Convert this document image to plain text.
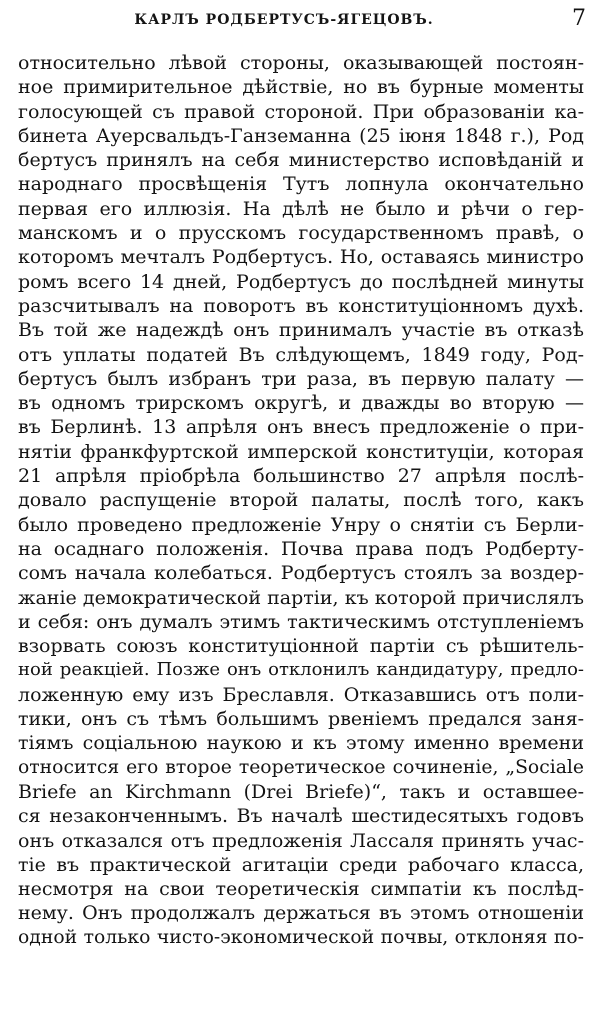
КАРЛЪ РОДБЕРТУСЪ-ЯГЕЦОВЪ.	7
относительно лѣвой стороны, оказывающей постоян-
ное примирительное дѣйствіе, но въ бурные моменты
голосующей съ правой стороной. При образованіи ка-
бинета Ауерсвальдъ-Ганземанна (25 іюня 1848 г.), Род
бертусъ принялъ на себя министерство исповѣданій и
народнаго просвѣщенія Тутъ лопнула окончательно
первая его иллюзія. На дѣлѣ не было и рѣчи о гер-
манскомъ и о прусскомъ государственномъ правѣ, о
которомъ мечталъ Родбертусъ. Но, оставаясь министро
ромъ всего 14 дней, Родбертусъ до послѣдней минуты
разсчитывалъ на поворотъ въ конституціонномъ духѣ.
Въ той же надеждѣ онъ принималъ участіе въ отказѣ
отъ уплаты податей Въ слѣдующемъ, 1849 году, Род-
бертусъ былъ избранъ три раза, въ первую палату —
въ одномъ трирскомъ округѣ, и дважды во вторую —
въ Берлинѣ. 13 апрѣля онъ внесъ предложеніе о при-
нятіи франкфуртской имперской конституціи, которая
21 апрѣля пріобрѣла большинство 27 апрѣля послѣ-
довало распущеніе второй палаты, послѣ того, какъ
было проведено предложеніе Унру о снятіи съ Берли-
на осаднаго положенія. Почва права подъ Родберту-
сомъ начала колебаться. Родбертусъ стоялъ за воздер-
жаніе демократической партіи, къ которой причислялъ
и себя: онъ думалъ этимъ тактическимъ отступленіемъ
взорвать союзъ конституціонной партіи съ рѣшитель-
ной реакціей. Позже онъ отклонилъ кандидатуру, предло-
ложенную ему изъ Бреславля. Отказавшись отъ поли-
тики, онъ съ тѣмъ большимъ рвеніемъ предался заня-
тіямъ соціальною наукою и къ этому именно времени
относится его второе теоретическое сочиненіе, „Sociale
Briefe an Kirchmann (Drei Briefe)“, такъ и оставшее-
ся незаконченнымъ. Въ началѣ шестидесятыхъ годовъ
онъ отказался отъ предложенія Лассаля принять учас-
тіе въ практической агитаціи среди рабочаго класса,
несмотря на свои теоретическія симпатіи къ послѣд-
нему. Онъ продолжалъ держаться въ этомъ отношеніи
одной только чисто-экономической почвы, отклоняя по-
